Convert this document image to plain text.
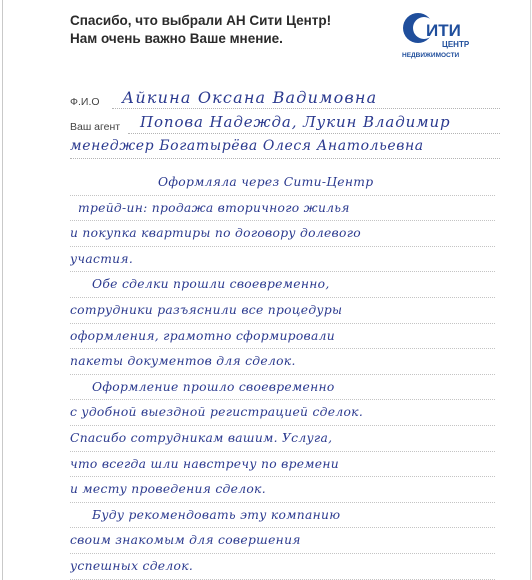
Спасибо, что выбрали АН Сити Центр!
Нам очень важно Ваше мнение.	ИТИ
ЦЕНТР
НЕДВИЖИМОСТИ
Ф.И.О Айкина Оксана Вадимовна
Ваш агент Попова Надежда, Лукин Владимир
менеджер Богатырёва Олеся Анатольевна
Оформляла через Сити-Центр
трейд-ин: продажа вторичного жилья
и покупка квартиры по договору долевого
участия.
Обе сделки прошли своевременно,
сотрудники разъяснили все процедуры
оформления, грамотно сформировали
пакеты документов для сделок.
Оформление прошло своевременно
с удобной выездной регистрацией сделок.
Спасибо сотрудникам вашим. Услуга,
что всегда шли навстречу по времени
и месту проведения сделок.
Буду рекомендовать эту компанию
своим знакомым для совершения
успешных сделок.
